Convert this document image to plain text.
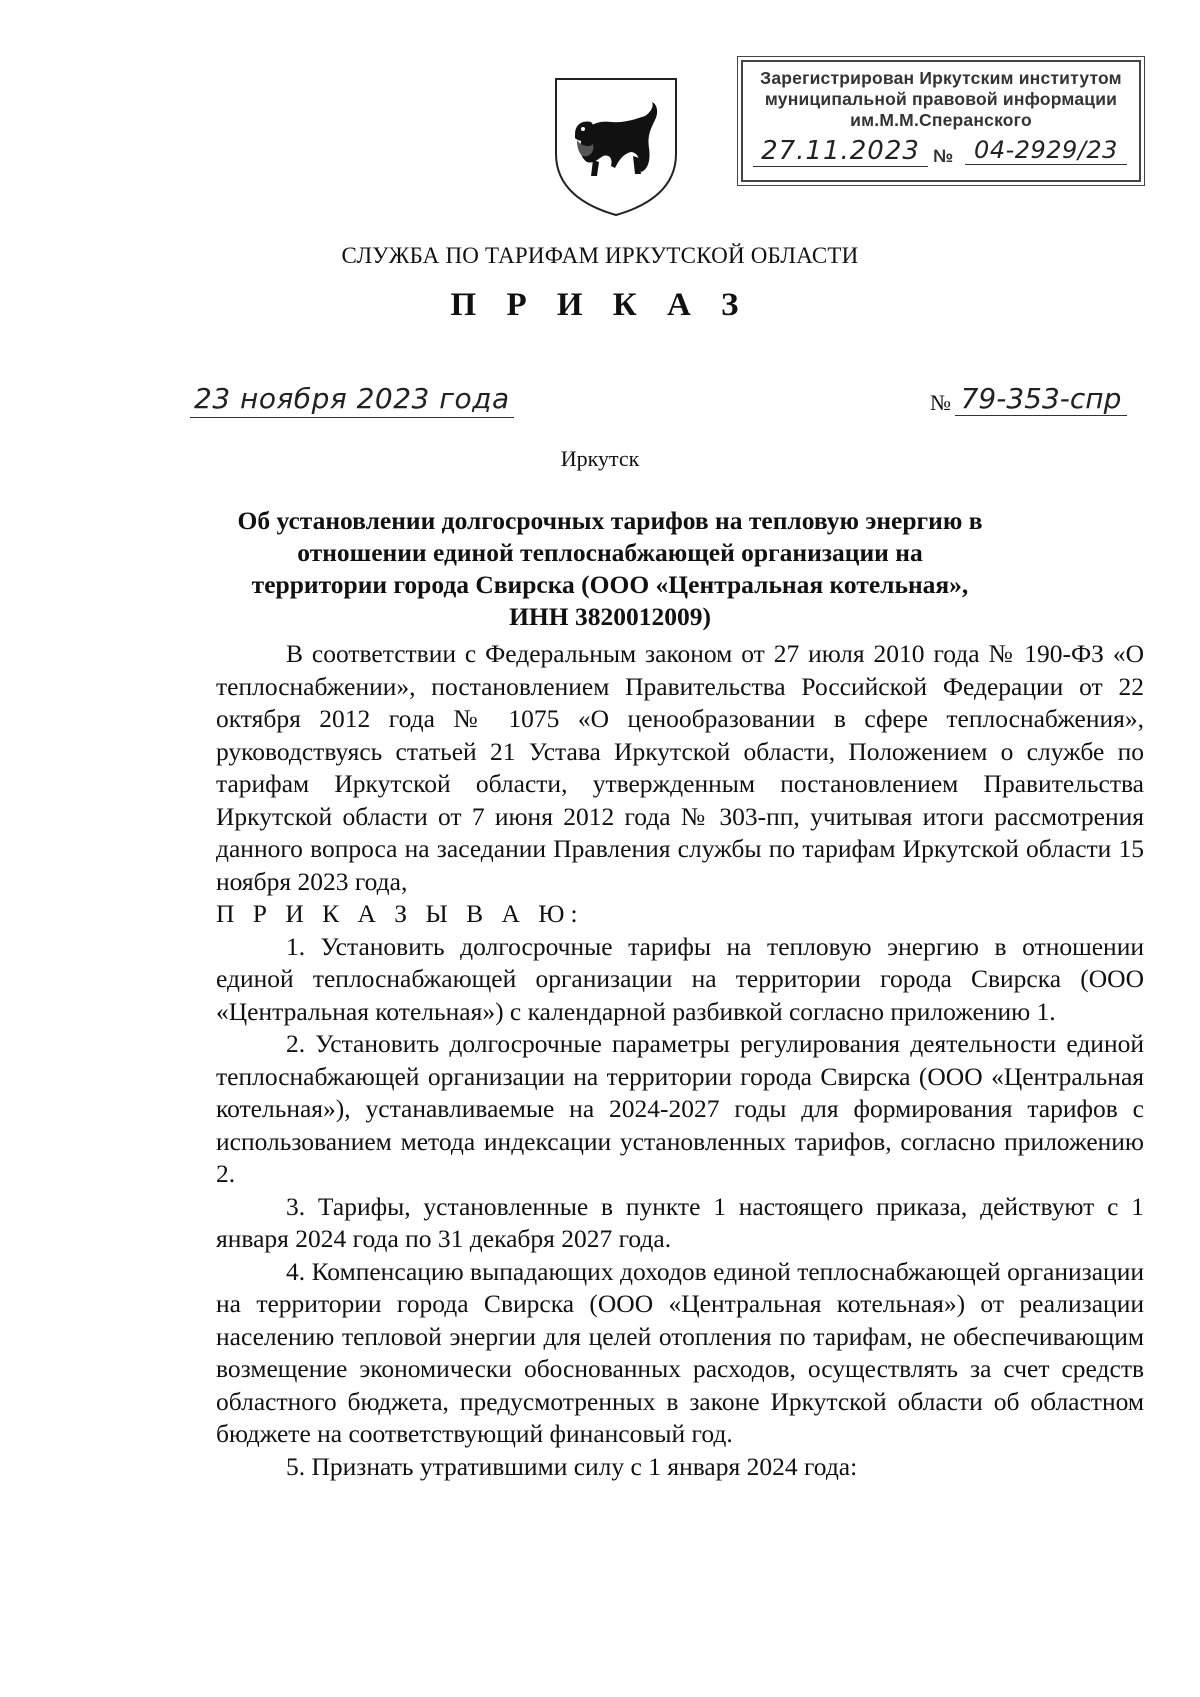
Зарегистрирован Иркутским институтом
муниципальной правовой информации
им.М.М.Сперанского
27.11.2023 № 04-2929/23
СЛУЖБА ПО ТАРИФАМ ИРКУТСКОЙ ОБЛАСТИ
П Р И К А З
23 ноября 2023 года	№ 79-353-спр
Иркутск
Об установлении долгосрочных тарифов на тепловую энергию в отношении единой теплоснабжающей организации на территории города Свирска (ООО «Центральная котельная», ИНН 3820012009)

В соответствии с Федеральным законом от 27 июля 2010 года № 190-ФЗ «О теплоснабжении», постановлением Правительства Российской Федерации от 22 октября 2012 года № 1075 «О ценообразовании в сфере теплоснабжения», руководствуясь статьей 21 Устава Иркутской области, Положением о службе по тарифам Иркутской области, утвержденным постановлением Правительства Иркутской области от 7 июня 2012 года № 303-пп, учитывая итоги рассмотрения данного вопроса на заседании Правления службы по тарифам Иркутской области 15 ноября 2023 года,

П Р И К А З Ы В А Ю:

1. Установить долгосрочные тарифы на тепловую энергию в отношении единой теплоснабжающей организации на территории города Свирска (ООО «Центральная котельная») с календарной разбивкой согласно приложению 1.

2. Установить долгосрочные параметры регулирования деятельности единой теплоснабжающей организации на территории города Свирска (ООО «Центральная котельная»), устанавливаемые на 2024-2027 годы для формирования тарифов с использованием метода индексации установленных тарифов, согласно приложению 2.

3. Тарифы, установленные в пункте 1 настоящего приказа, действуют с 1 января 2024 года по 31 декабря 2027 года.

4. Компенсацию выпадающих доходов единой теплоснабжающей организации на территории города Свирска (ООО «Центральная котельная») от реализации населению тепловой энергии для целей отопления по тарифам, не обеспечивающим возмещение экономически обоснованных расходов, осуществлять за счет средств областного бюджета, предусмотренных в законе Иркутской области об областном бюджете на соответствующий финансовый год.

5. Признать утратившими силу с 1 января 2024 года:
